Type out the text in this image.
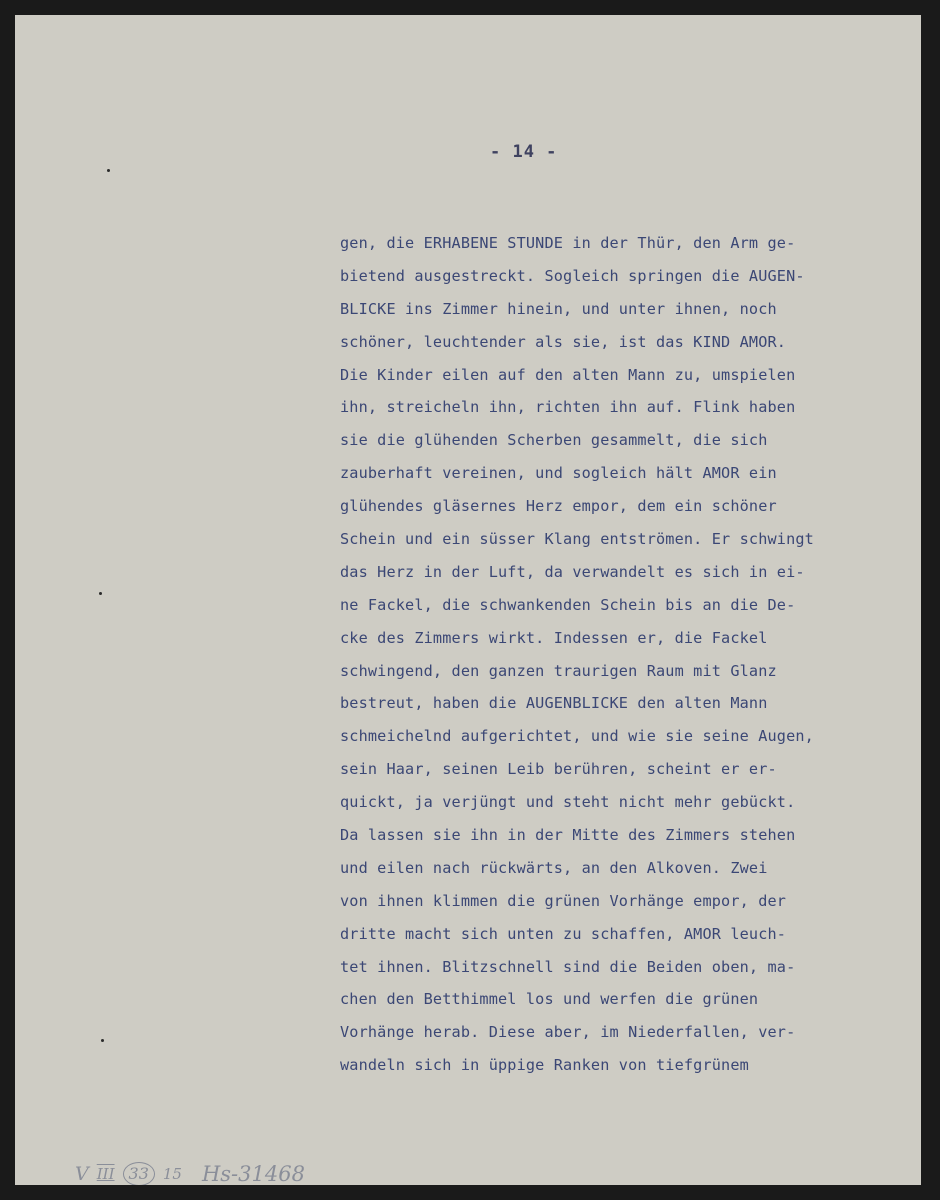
- 14 -
gen, die ERHABENE STUNDE in der Thür, den Arm ge-
bietend ausgestreckt. Sogleich springen die AUGEN-
BLICKE ins Zimmer hinein, und unter ihnen, noch
schöner, leuchtender als sie, ist das KIND AMOR.
Die Kinder eilen auf den alten Mann zu, umspielen
ihn, streicheln ihn, richten ihn auf. Flink haben
sie die glühenden Scherben gesammelt, die sich
zauberhaft vereinen, und sogleich hält AMOR ein
glühendes gläsernes Herz empor, dem ein schöner
Schein und ein süsser Klang entströmen. Er schwingt
das Herz in der Luft, da verwandelt es sich in ei-
ne Fackel, die schwankenden Schein bis an die De-
cke des Zimmers wirkt. Indessen er, die Fackel
schwingend, den ganzen traurigen Raum mit Glanz
bestreut, haben die AUGENBLICKE den alten Mann
schmeichelnd aufgerichtet, und wie sie seine Augen,
sein Haar, seinen Leib berühren, scheint er er-
quickt, ja verjüngt und steht nicht mehr gebückt.
Da lassen sie ihn in der Mitte des Zimmers stehen
und eilen nach rückwärts, an den Alkoven. Zwei
von ihnen klimmen die grünen Vorhänge empor, der
dritte macht sich unten zu schaffen, AMOR leuch-
tet ihnen. Blitzschnell sind die Beiden oben, ma-
chen den Betthimmel los und werfen die grünen
Vorhänge herab. Diese aber, im Niederfallen, ver-
wandeln sich in üppige Ranken von tiefgrünem
V III 33 15 Hs-31468
